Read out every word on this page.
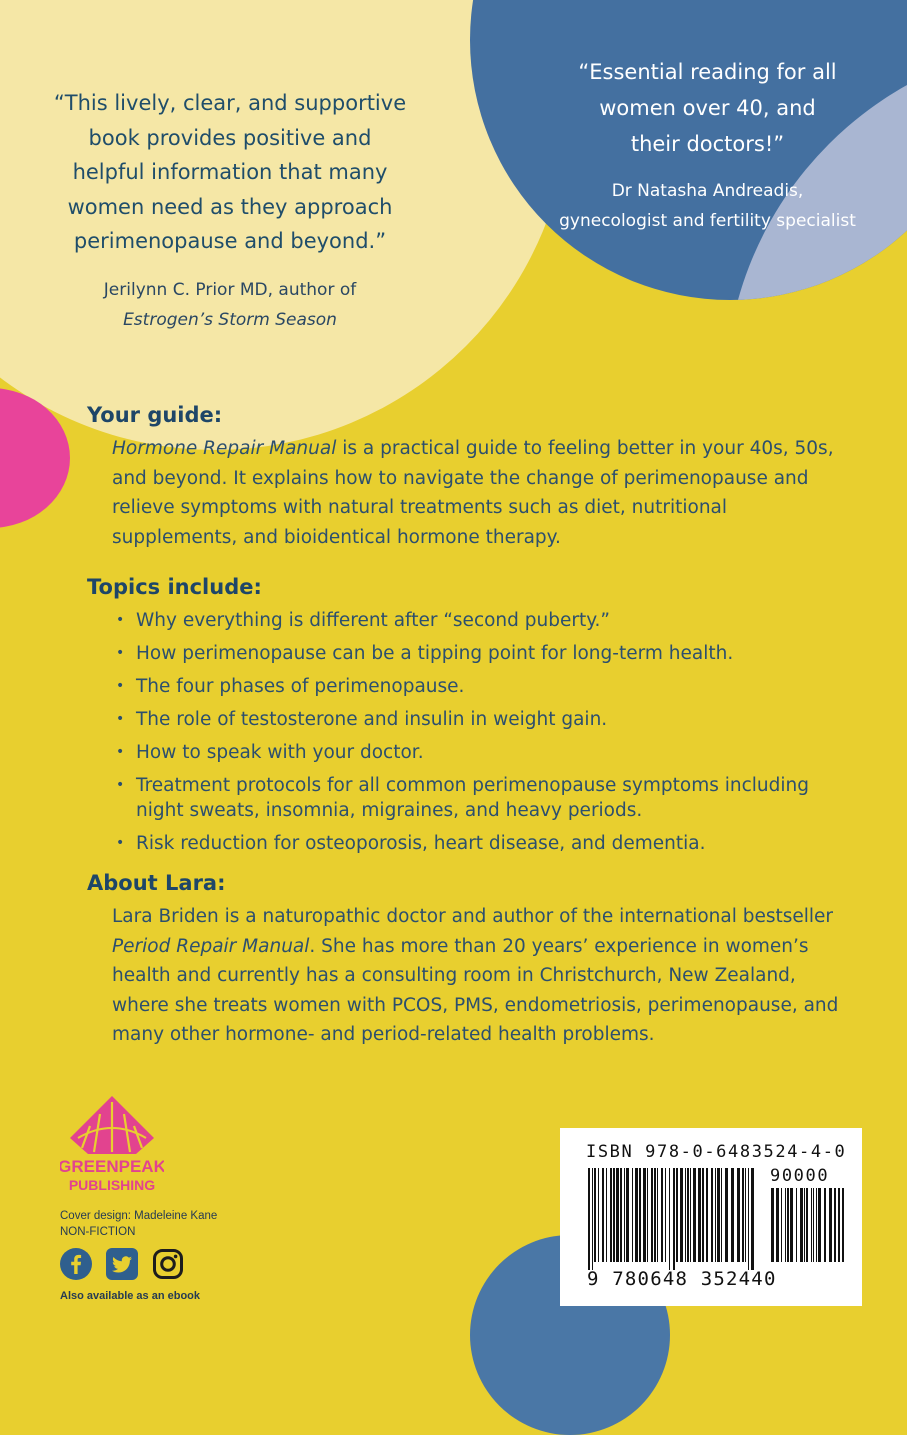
“This lively, clear, and supportive
book provides positive and
helpful information that many
women need as they approach
perimenopause and beyond.”
Jerilynn C. Prior MD, author of
Estrogen’s Storm Season
“Essential reading for all
women over 40, and
their doctors!”
Dr Natasha Andreadis,
gynecologist and fertility specialist
Your guide:

Hormone Repair Manual is a practical guide to feeling better in your 40s, 50s, and beyond. It explains how to navigate the change of perimenopause and relieve symptoms with natural treatments such as diet, nutritional supplements, and bioidentical hormone therapy.

Topics include:
• Why everything is different after “second puberty.”
• How perimenopause can be a tipping point for long-term health.
• The four phases of perimenopause.
• The role of testosterone and insulin in weight gain.
• How to speak with your doctor.
• Treatment protocols for all common perimenopause symptoms including night sweats, insomnia, migraines, and heavy periods.
• Risk reduction for osteoporosis, heart disease, and dementia.
About Lara:

Lara Briden is a naturopathic doctor and author of the international bestseller Period Repair Manual. She has more than 20 years’ experience in women’s health and currently has a consulting room in Christchurch, New Zealand, where she treats women with PCOS, PMS, endometriosis, perimenopause, and many other hormone- and period-related health problems.

GREENPEAK
PUBLISHING
Cover design: Madeleine Kane
NON-FICTION

Also available as an ebook
ISBN 978-0-6483524-4-0
90000
9 780648 352440
